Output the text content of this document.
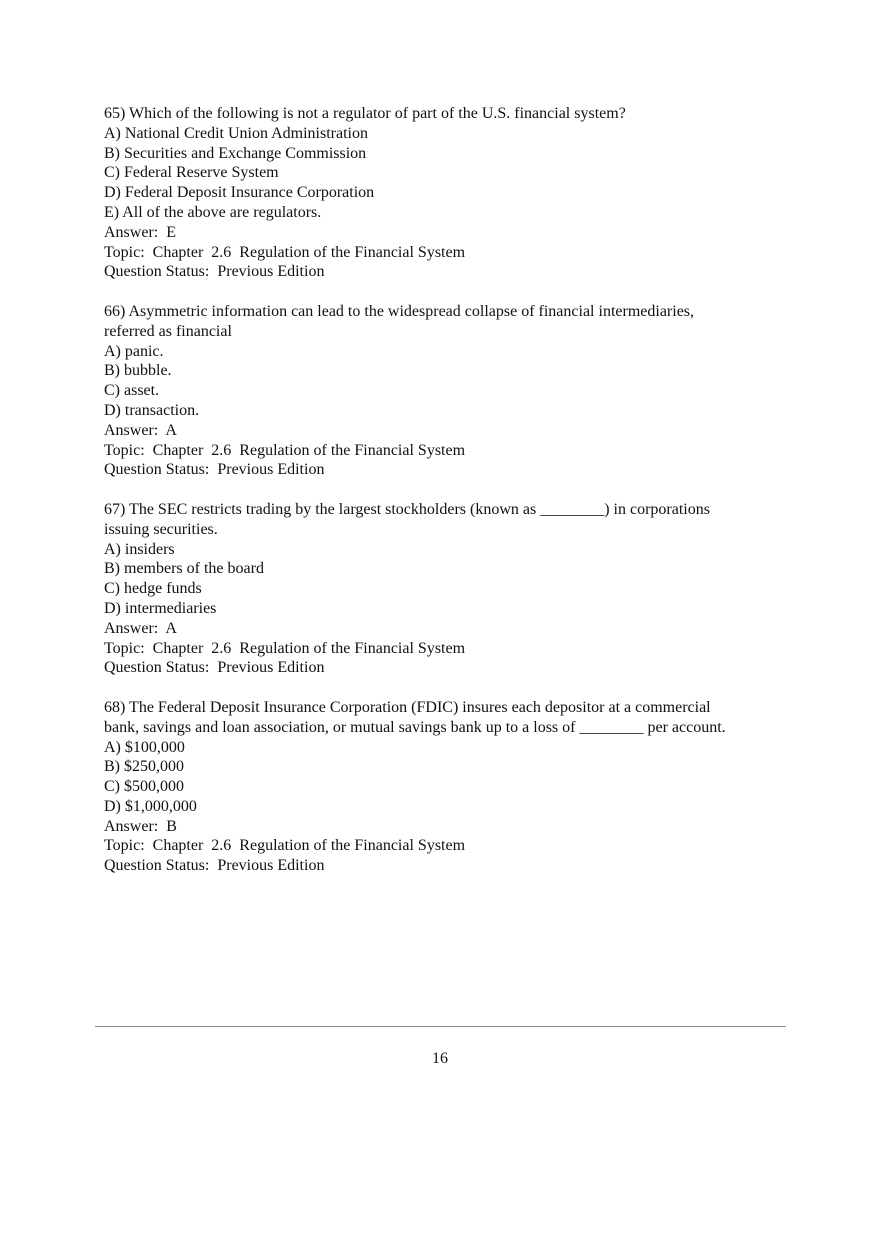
65) Which of the following is not a regulator of part of the U.S. financial system?
A) National Credit Union Administration
B) Securities and Exchange Commission
C) Federal Reserve System
D) Federal Deposit Insurance Corporation
E) All of the above are regulators.
Answer:  E
Topic:  Chapter  2.6  Regulation of the Financial System
Question Status:  Previous Edition
66) Asymmetric information can lead to the widespread collapse of financial intermediaries,
referred as financial
A) panic.
B) bubble.
C) asset.
D) transaction.
Answer:  A
Topic:  Chapter  2.6  Regulation of the Financial System
Question Status:  Previous Edition
67) The SEC restricts trading by the largest stockholders (known as ________) in corporations
issuing securities.
A) insiders
B) members of the board
C) hedge funds
D) intermediaries
Answer:  A
Topic:  Chapter  2.6  Regulation of the Financial System
Question Status:  Previous Edition
68) The Federal Deposit Insurance Corporation (FDIC) insures each depositor at a commercial
bank, savings and loan association, or mutual savings bank up to a loss of ________ per account.
A) $100,000
B) $250,000
C) $500,000
D) $1,000,000
Answer:  B
Topic:  Chapter  2.6  Regulation of the Financial System
Question Status:  Previous Edition
16
